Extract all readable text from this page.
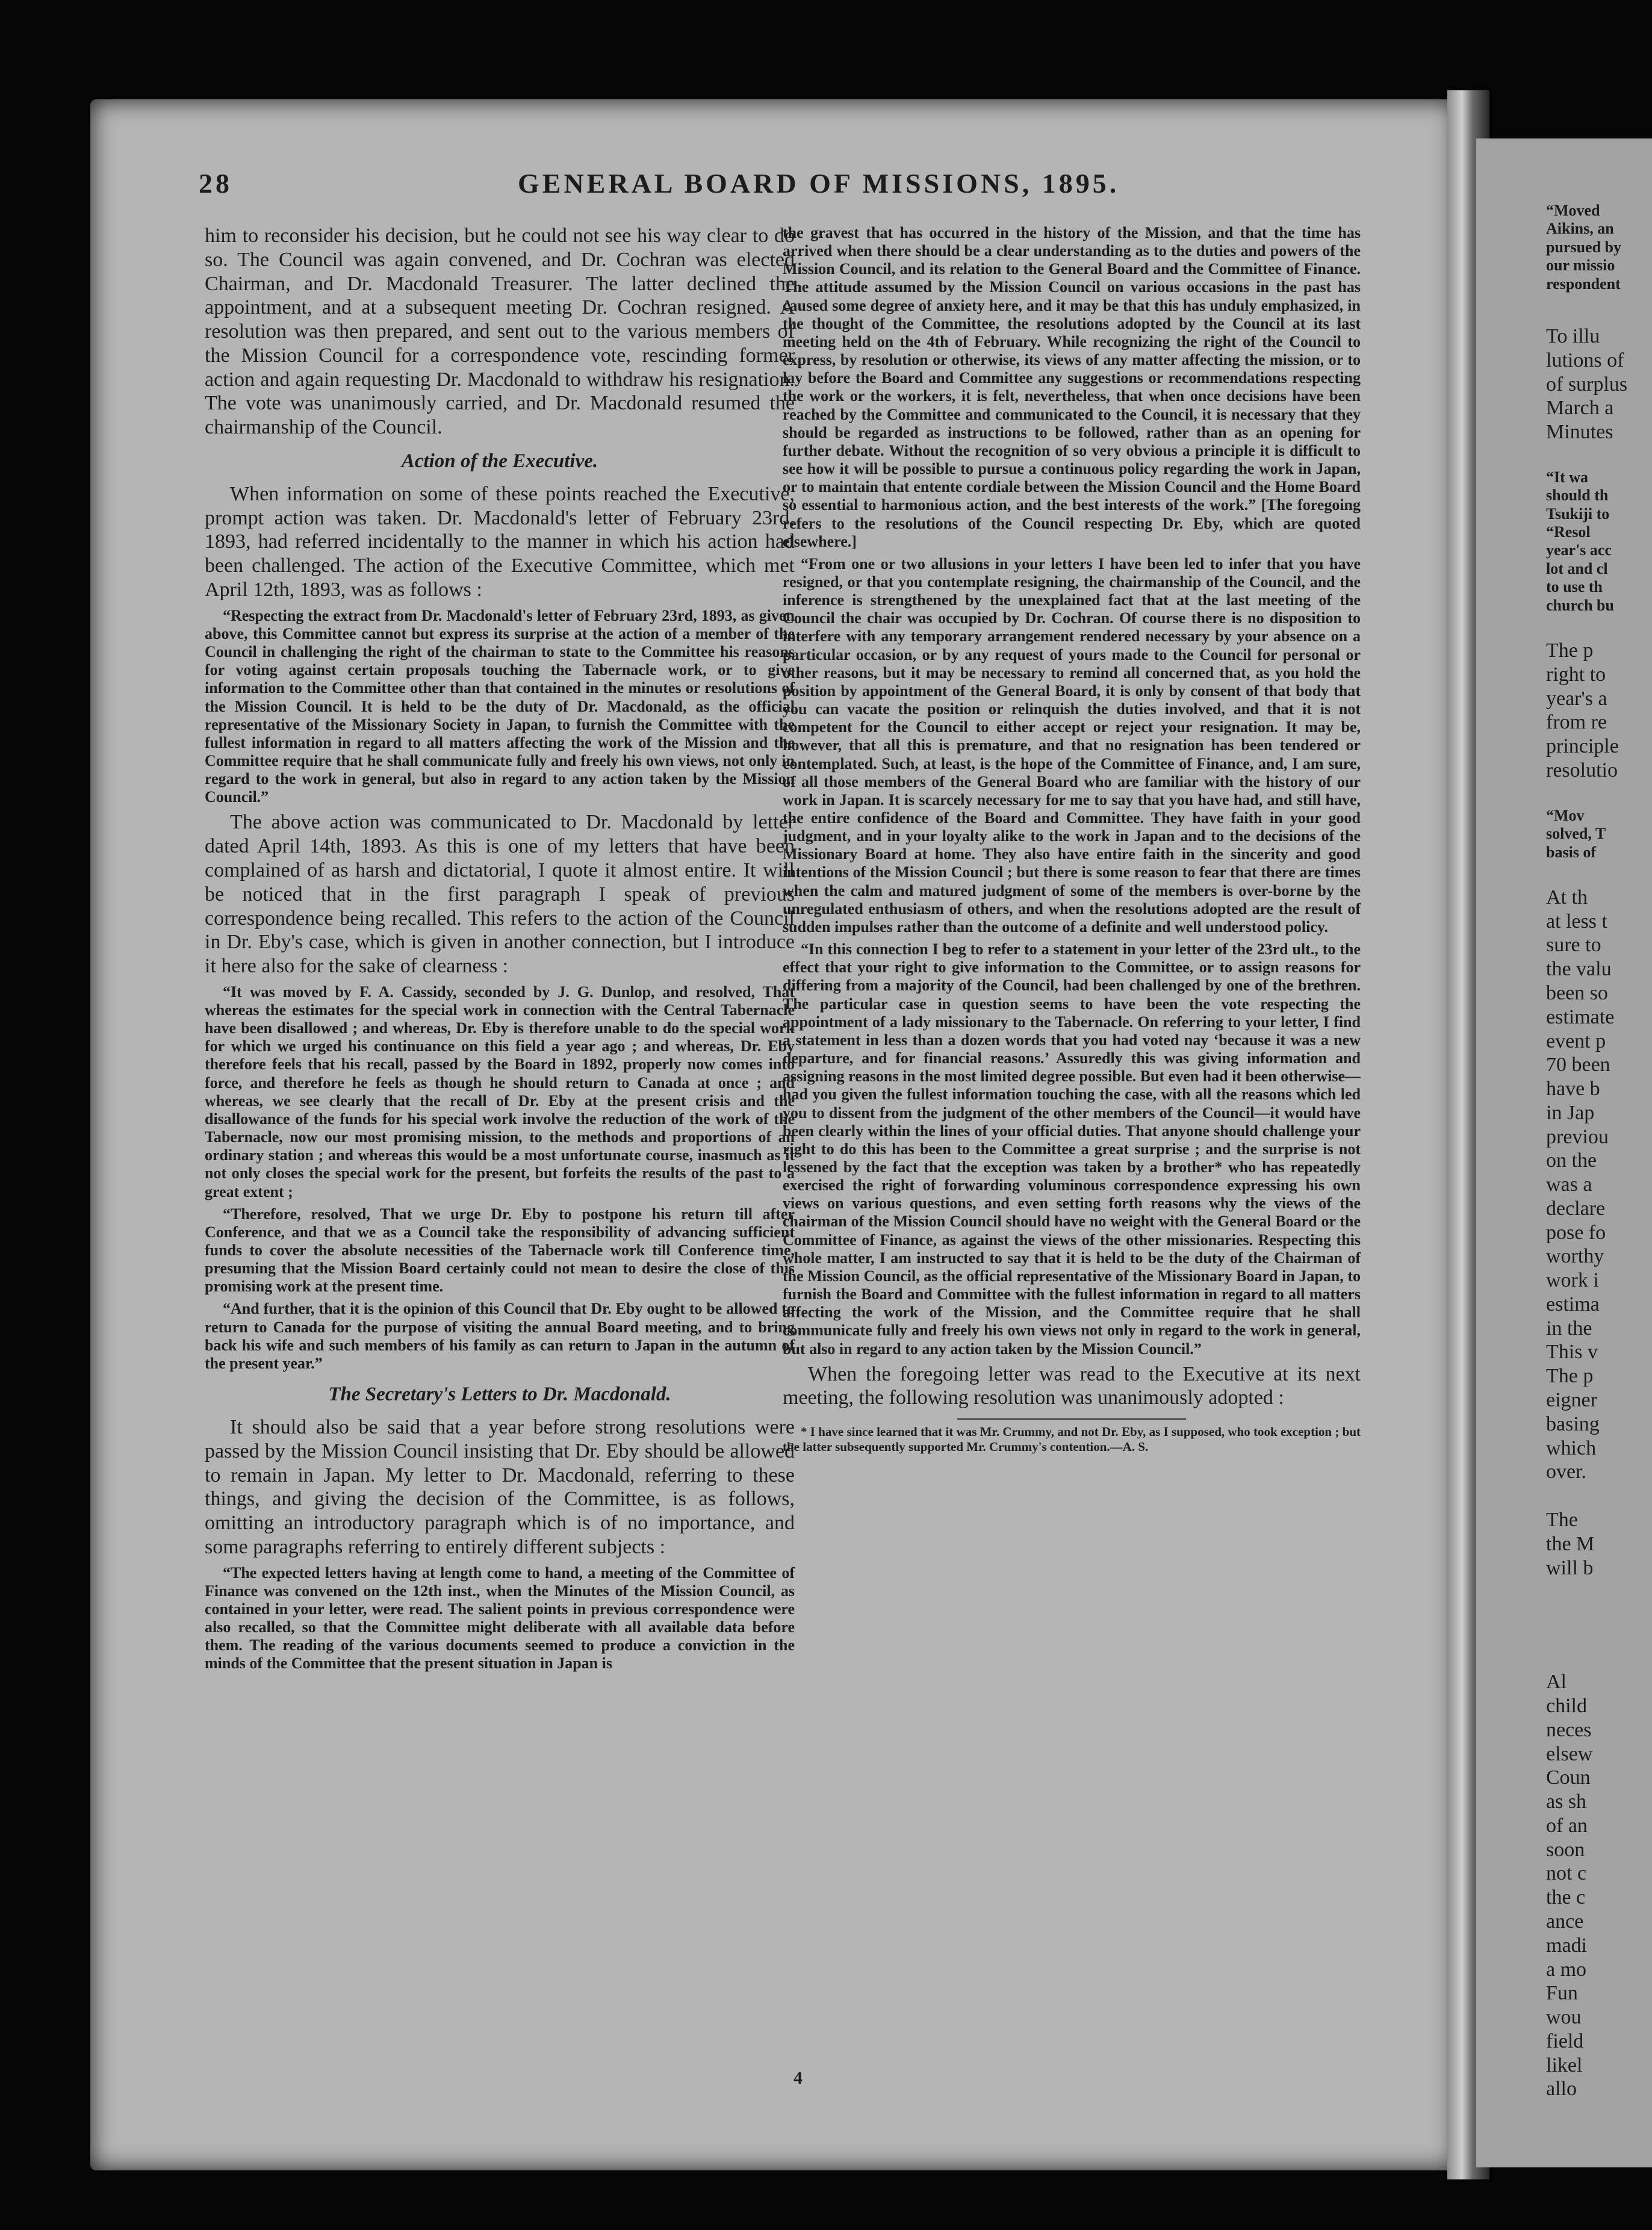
28	GENERAL BOARD OF MISSIONS, 1895.

him to reconsider his decision, but he could not see his way clear to do so. The Council was again convened, and Dr. Cochran was elected Chairman, and Dr. Macdonald Treasurer. The latter declined the appointment, and at a subsequent meeting Dr. Cochran resigned. A resolution was then prepared, and sent out to the various members of the Mission Council for a correspondence vote, rescinding former action and again requesting Dr. Macdonald to withdraw his resignation. The vote was unanimously carried, and Dr. Macdonald resumed the chairmanship of the Council.

Action of the Executive.

When information on some of these points reached the Executive, prompt action was taken. Dr. Macdonald's letter of February 23rd, 1893, had referred incidentally to the manner in which his action had been challenged. The action of the Executive Committee, which met April 12th, 1893, was as follows :

“Respecting the extract from Dr. Macdonald's letter of February 23rd, 1893, as given above, this Committee cannot but express its surprise at the action of a member of the Council in challenging the right of the chairman to state to the Committee his reasons for voting against certain proposals touching the Tabernacle work, or to give information to the Committee other than that contained in the minutes or resolutions of the Mission Council. It is held to be the duty of Dr. Macdonald, as the official representative of the Missionary Society in Japan, to furnish the Committee with the fullest information in regard to all matters affecting the work of the Mission and the Committee require that he shall communicate fully and freely his own views, not only in regard to the work in general, but also in regard to any action taken by the Mission Council.”

The above action was communicated to Dr. Macdonald by letter dated April 14th, 1893. As this is one of my letters that have been complained of as harsh and dictatorial, I quote it almost entire. It will be noticed that in the first paragraph I speak of previous correspondence being recalled. This refers to the action of the Council in Dr. Eby's case, which is given in another connection, but I introduce it here also for the sake of clearness :

“It was moved by F. A. Cassidy, seconded by J. G. Dunlop, and resolved, That whereas the estimates for the special work in connection with the Central Tabernacle have been disallowed ; and whereas, Dr. Eby is therefore unable to do the special work for which we urged his continuance on this field a year ago ; and whereas, Dr. Eby therefore feels that his recall, passed by the Board in 1892, properly now comes into force, and therefore he feels as though he should return to Canada at once ; and whereas, we see clearly that the recall of Dr. Eby at the present crisis and the disallowance of the funds for his special work involve the reduction of the work of the Tabernacle, now our most promising mission, to the methods and proportions of an ordinary station ; and whereas this would be a most unfortunate course, inasmuch as it not only closes the special work for the present, but forfeits the results of the past to a great extent ;

“Therefore, resolved, That we urge Dr. Eby to postpone his return till after Conference, and that we as a Council take the responsibility of advancing sufficient funds to cover the absolute necessities of the Tabernacle work till Conference time, presuming that the Mission Board certainly could not mean to desire the close of this promising work at the present time.

“And further, that it is the opinion of this Council that Dr. Eby ought to be allowed to return to Canada for the purpose of visiting the annual Board meeting, and to bring back his wife and such members of his family as can return to Japan in the autumn of the present year.”

The Secretary's Letters to Dr. Macdonald.

It should also be said that a year before strong resolutions were passed by the Mission Council insisting that Dr. Eby should be allowed to remain in Japan. My letter to Dr. Macdonald, referring to these things, and giving the decision of the Committee, is as follows, omitting an introductory paragraph which is of no importance, and some paragraphs referring to entirely different subjects :

“The expected letters having at length come to hand, a meeting of the Committee of Finance was convened on the 12th inst., when the Minutes of the Mission Council, as contained in your letter, were read. The salient points in previous correspondence were also recalled, so that the Committee might deliberate with all available data before them. The reading of the various documents seemed to produce a conviction in the minds of the Committee that the present situation in Japan is

the gravest that has occurred in the history of the Mission, and that the time has arrived when there should be a clear understanding as to the duties and powers of the Mission Council, and its relation to the General Board and the Committee of Finance. The attitude assumed by the Mission Council on various occasions in the past has caused some degree of anxiety here, and it may be that this has unduly emphasized, in the thought of the Committee, the resolutions adopted by the Council at its last meeting held on the 4th of February. While recognizing the right of the Council to express, by resolution or otherwise, its views of any matter affecting the mission, or to lay before the Board and Committee any suggestions or recommendations respecting the work or the workers, it is felt, nevertheless, that when once decisions have been reached by the Committee and communicated to the Council, it is necessary that they should be regarded as instructions to be followed, rather than as an opening for further debate. Without the recognition of so very obvious a principle it is difficult to see how it will be possible to pursue a continuous policy regarding the work in Japan, or to maintain that entente cordiale between the Mission Council and the Home Board so essential to harmonious action, and the best interests of the work.” [The foregoing refers to the resolutions of the Council respecting Dr. Eby, which are quoted elsewhere.]

“From one or two allusions in your letters I have been led to infer that you have resigned, or that you contemplate resigning, the chairmanship of the Council, and the inference is strengthened by the unexplained fact that at the last meeting of the Council the chair was occupied by Dr. Cochran. Of course there is no disposition to interfere with any temporary arrangement rendered necessary by your absence on a particular occasion, or by any request of yours made to the Council for personal or other reasons, but it may be necessary to remind all concerned that, as you hold the position by appointment of the General Board, it is only by consent of that body that you can vacate the position or relinquish the duties involved, and that it is not competent for the Council to either accept or reject your resignation. It may be, however, that all this is premature, and that no resignation has been tendered or contemplated. Such, at least, is the hope of the Committee of Finance, and, I am sure, of all those members of the General Board who are familiar with the history of our work in Japan. It is scarcely necessary for me to say that you have had, and still have, the entire confidence of the Board and Committee. They have faith in your good judgment, and in your loyalty alike to the work in Japan and to the decisions of the Missionary Board at home. They also have entire faith in the sincerity and good intentions of the Mission Council ; but there is some reason to fear that there are times when the calm and matured judgment of some of the members is over-borne by the unregulated enthusiasm of others, and when the resolutions adopted are the result of sudden impulses rather than the outcome of a definite and well understood policy.

“In this connection I beg to refer to a statement in your letter of the 23rd ult., to the effect that your right to give information to the Committee, or to assign reasons for differing from a majority of the Council, had been challenged by one of the brethren. The particular case in question seems to have been the vote respecting the appointment of a lady missionary to the Tabernacle. On referring to your letter, I find a statement in less than a dozen words that you had voted nay ‘because it was a new departure, and for financial reasons.’ Assuredly this was giving information and assigning reasons in the most limited degree possible. But even had it been otherwise—had you given the fullest information touching the case, with all the reasons which led you to dissent from the judgment of the other members of the Council—it would have been clearly within the lines of your official duties. That anyone should challenge your right to do this has been to the Committee a great surprise ; and the surprise is not lessened by the fact that the exception was taken by a brother* who has repeatedly exercised the right of forwarding voluminous correspondence expressing his own views on various questions, and even setting forth reasons why the views of the chairman of the Mission Council should have no weight with the General Board or the Committee of Finance, as against the views of the other missionaries. Respecting this whole matter, I am instructed to say that it is held to be the duty of the Chairman of the Mission Council, as the official representative of the Missionary Board in Japan, to furnish the Board and Committee with the fullest information in regard to all matters affecting the work of the Mission, and the Committee require that he shall communicate fully and freely his own views not only in regard to the work in general, but also in regard to any action taken by the Mission Council.”

When the foregoing letter was read to the Executive at its next meeting, the following resolution was unanimously adopted :

* I have since learned that it was Mr. Crummy, and not Dr. Eby, as I supposed, who took exception ; but the latter subsequently supported Mr. Crummy's contention.—A. S.

4
“Moved
Aikins, an
pursued by
our missio
respondent
To illu
lutions of
of surplus
March a
Minutes
“It wa
should th
Tsukiji to
“Resol
year's acc
lot and cl
to use th
church bu
The p
right to
year's a
from re
principle
resolutio
“Mov
solved, T
basis of
At th
at less t
sure to
the valu
been so
estimate
event p
70 been
have b
in Jap
previou
on the
was a
declare
pose fo
worthy
work i
estima
in the
This v
The p
eigner
basing
which
over.
The
the M
will b
Al
child
neces
elsew
Coun
as sh
of an
soon
not c
the c
ance
madi
a mo
Fun
wou
field
likel
allo
